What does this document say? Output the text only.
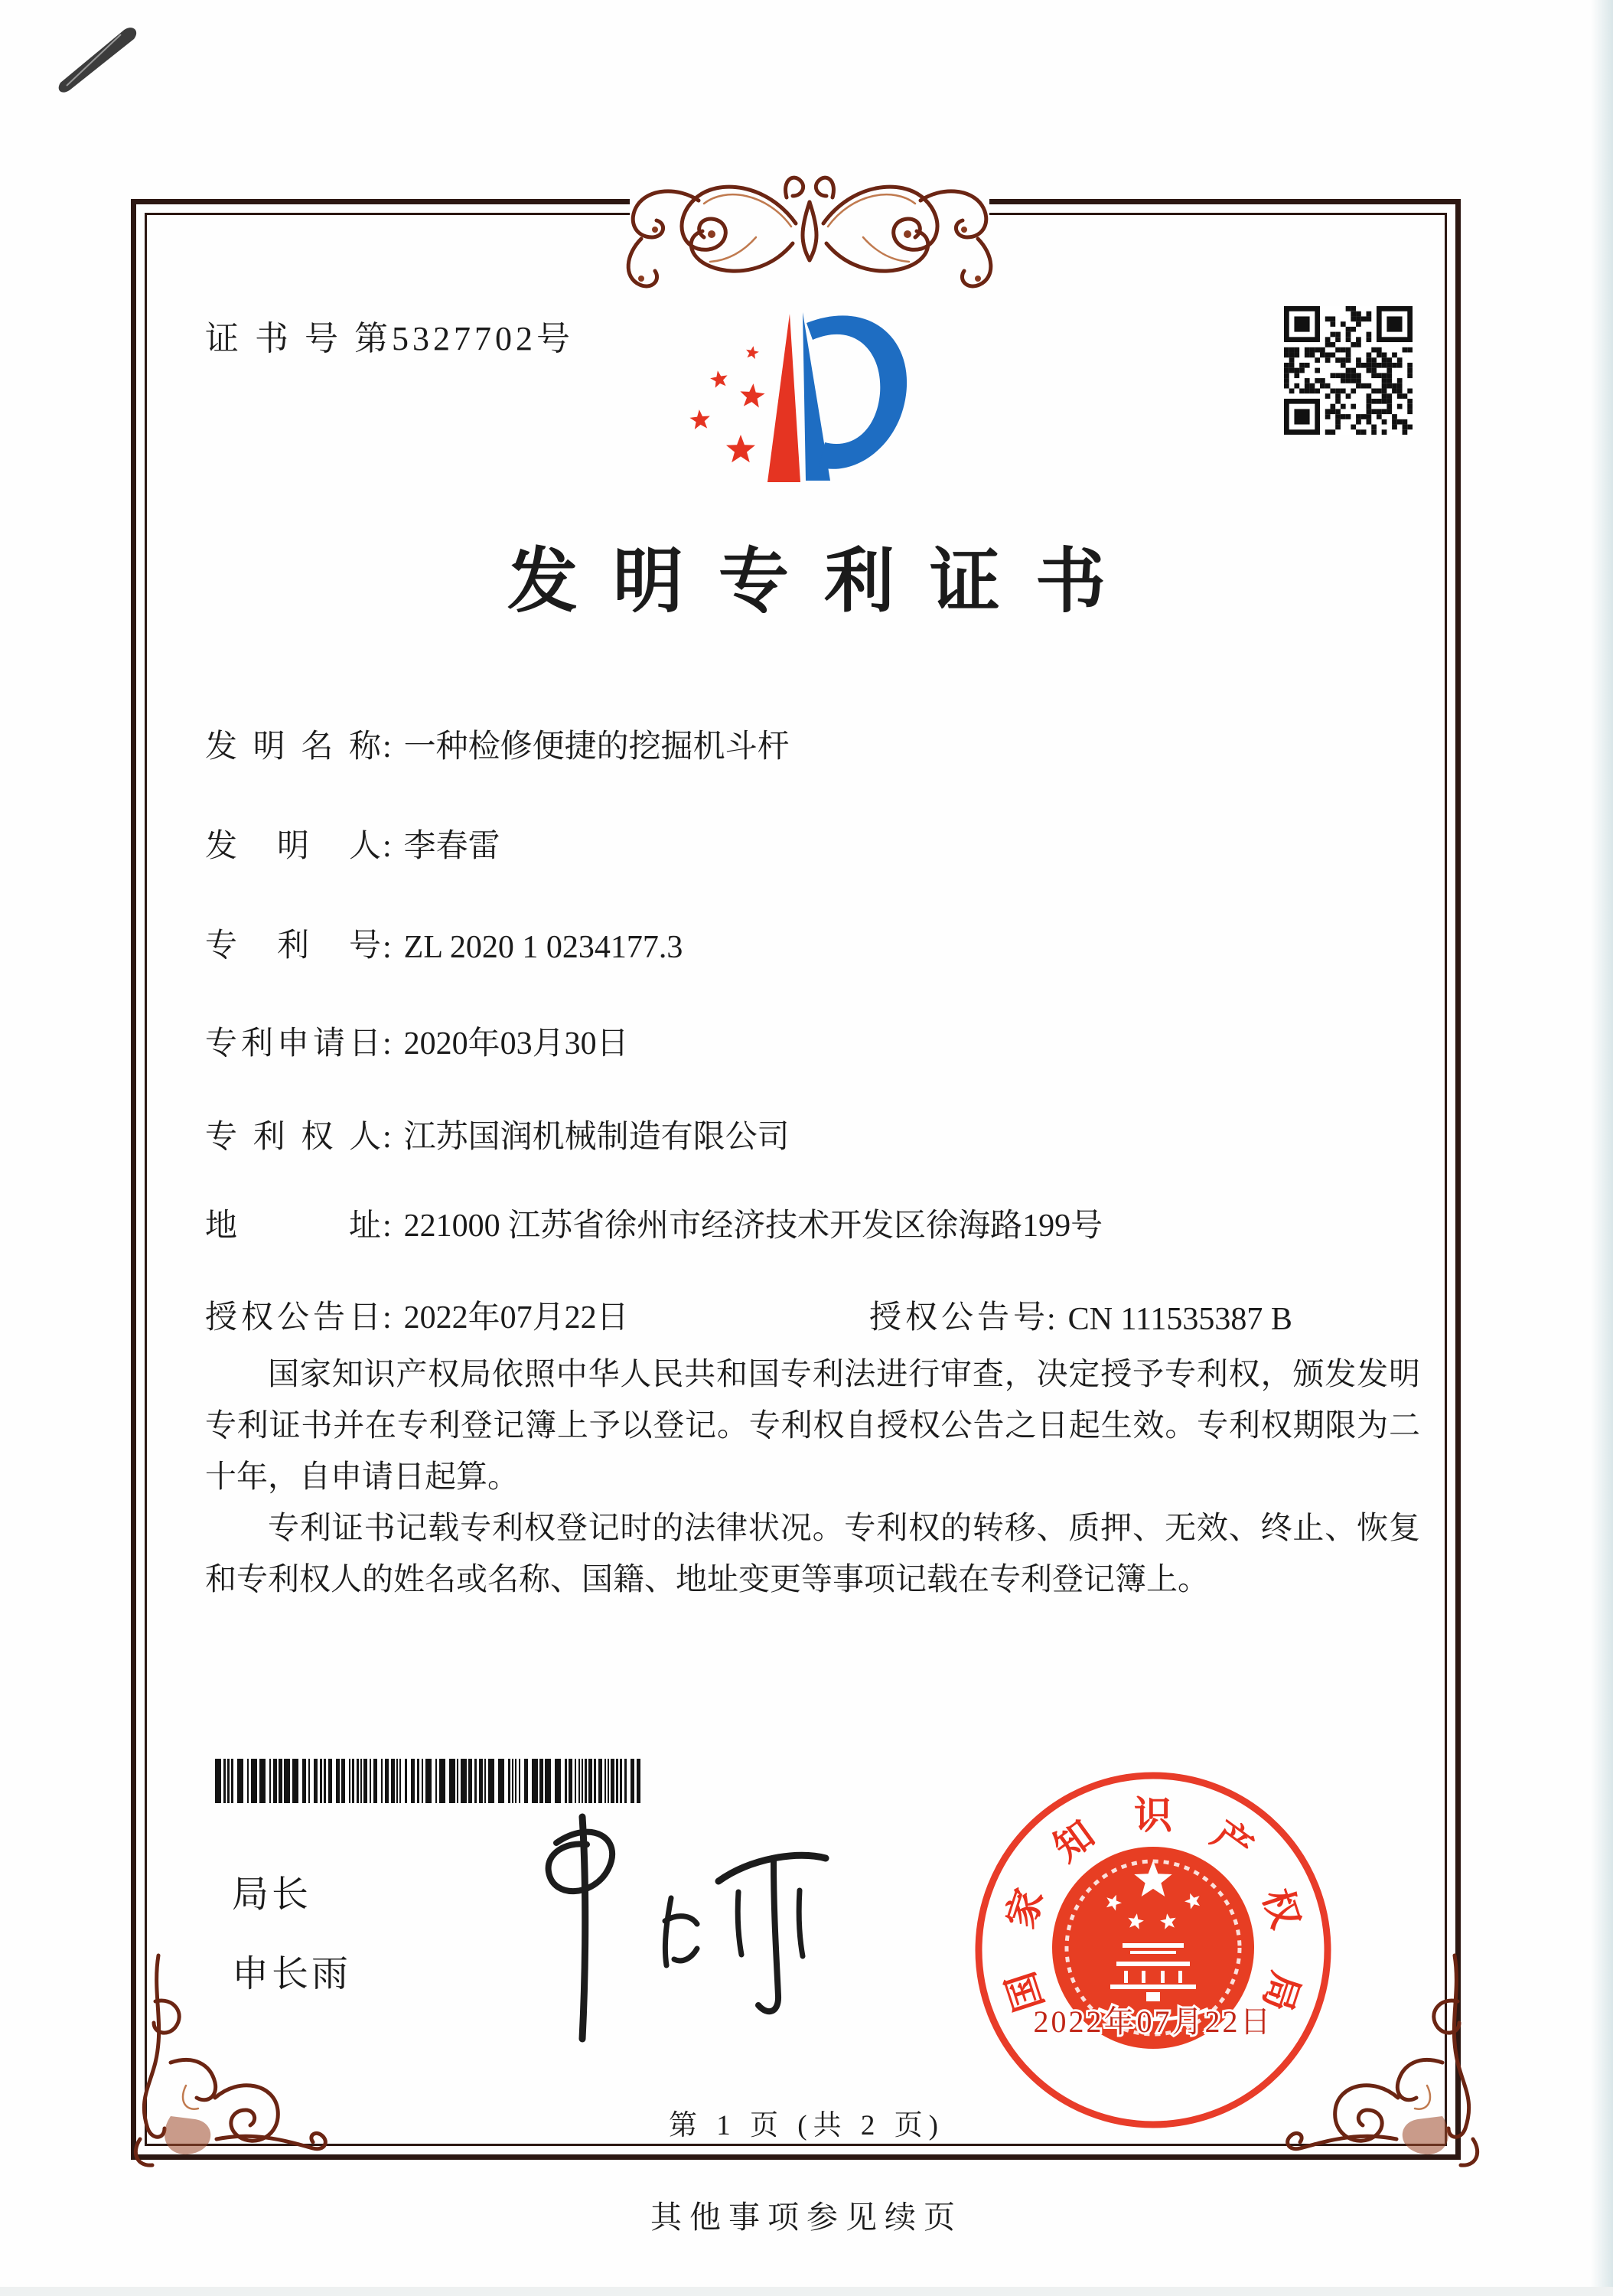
证 书 号 第5327702号
发明专利证书
发明名称: 一种检修便捷的挖掘机斗杆
发明人: 李春雷
专利号: ZL 2020 1 0234177.3
专利申请日: 2020年03月30日
专利权人: 江苏国润机械制造有限公司
地址: 221000 江苏省徐州市经济技术开发区徐海路199号
授权公告日: 2022年07月22日	授权公告号: CN 111535387 B

国家知识产权局依照中华人民共和国专利法进行审查，决定授予专利权，颁发发明专利证书并在专利登记簿上予以登记。专利权自授权公告之日起生效。专利权期限为二十年，自申请日起算。

专利证书记载专利权登记时的法律状况。专利权的转移、质押、无效、终止、恢复和专利权人的姓名或名称、国籍、地址变更等事项记载在专利登记簿上。

局长
申长雨
2022年07月22日
国
家
知 识 产
权
局
第 1 页 (共 2 页)
其他事项参见续页
